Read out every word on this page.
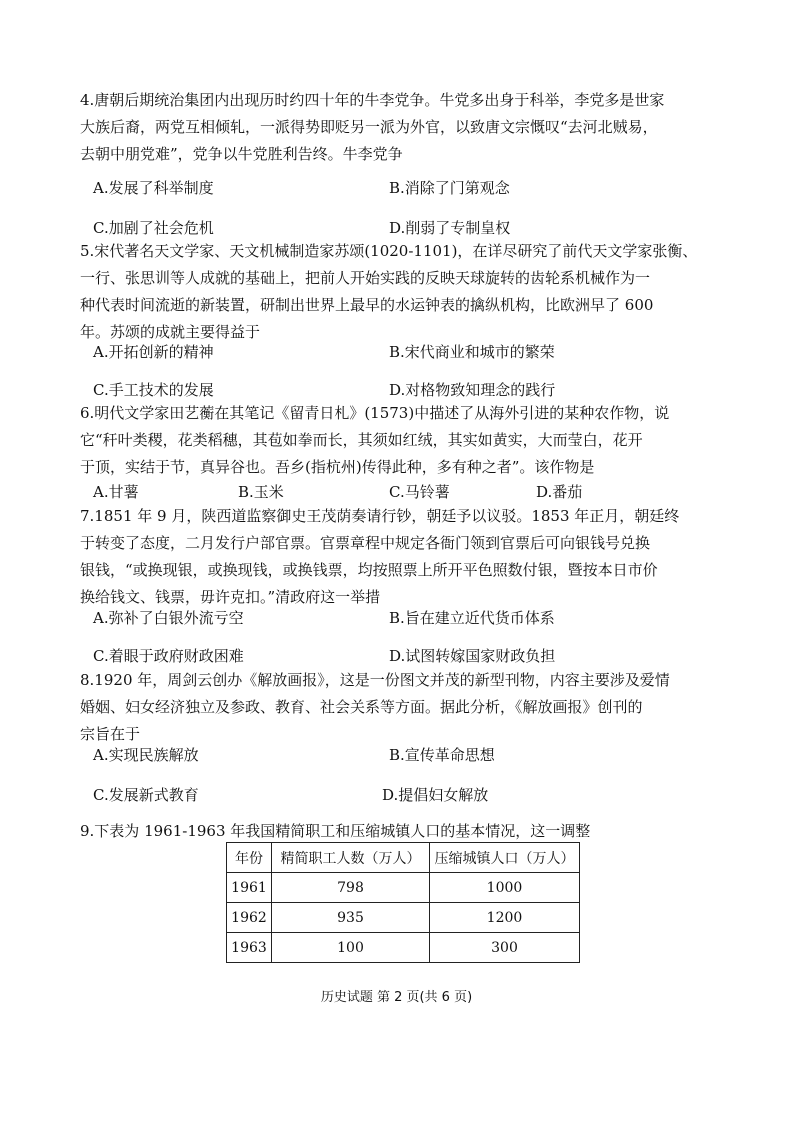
4.唐朝后期统治集团内出现历时约四十年的牛李党争。牛党多出身于科举，李党多是世家
大族后裔，两党互相倾轧，一派得势即贬另一派为外官，以致唐文宗慨叹“去河北贼易，
去朝中朋党难”，党争以牛党胜利告终。牛李党争
A.发展了科举制度	B.消除了门第观念
C.加剧了社会危机	D.削弱了专制皇权
5.宋代著名天文学家、天文机械制造家苏颂(1020-1101)，在详尽研究了前代天文学家张衡、
一行、张思训等人成就的基础上，把前人开始实践的反映天球旋转的齿轮系机械作为一
种代表时间流逝的新装置，研制出世界上最早的水运钟表的擒纵机构，比欧洲早了 600
年。苏颂的成就主要得益于
A.开拓创新的精神	B.宋代商业和城市的繁荣
C.手工技术的发展	D.对格物致知理念的践行
6.明代文学家田艺蘅在其笔记《留青日札》(1573)中描述了从海外引进的某种农作物，说
它“秆叶类稷，花类稻穗，其苞如拳而长，其须如红绒，其实如黄实，大而莹白，花开
于顶，实结于节，真异谷也。吾乡(指杭州)传得此种，多有种之者”。该作物是
A.甘薯	B.玉米	C.马铃薯	D.番茄
7.1851 年 9 月，陕西道监察御史王茂荫奏请行钞，朝廷予以议驳。1853 年正月，朝廷终
于转变了态度，二月发行户部官票。官票章程中规定各衙门领到官票后可向银钱号兑换
银钱，“或换现银，或换现钱，或换钱票，均按照票上所开平色照数付银，暨按本日市价
换给钱文、钱票，毋许克扣。”清政府这一举措
A.弥补了白银外流亏空	B.旨在建立近代货币体系
C.着眼于政府财政困难	D.试图转嫁国家财政负担
8.1920 年，周剑云创办《解放画报》，这是一份图文并茂的新型刊物，内容主要涉及爱情
婚姻、妇女经济独立及参政、教育、社会关系等方面。据此分析，《解放画报》创刊的
宗旨在于
A.实现民族解放	B.宣传革命思想
C.发展新式教育	D.提倡妇女解放
9.下表为 1961-1963 年我国精简职工和压缩城镇人口的基本情况，这一调整
年份	精简职工人数（万人）	压缩城镇人口（万人）
1961	798	1000
1962	935	1200
1963	100	300
历史试题 第 2 页(共 6 页)
